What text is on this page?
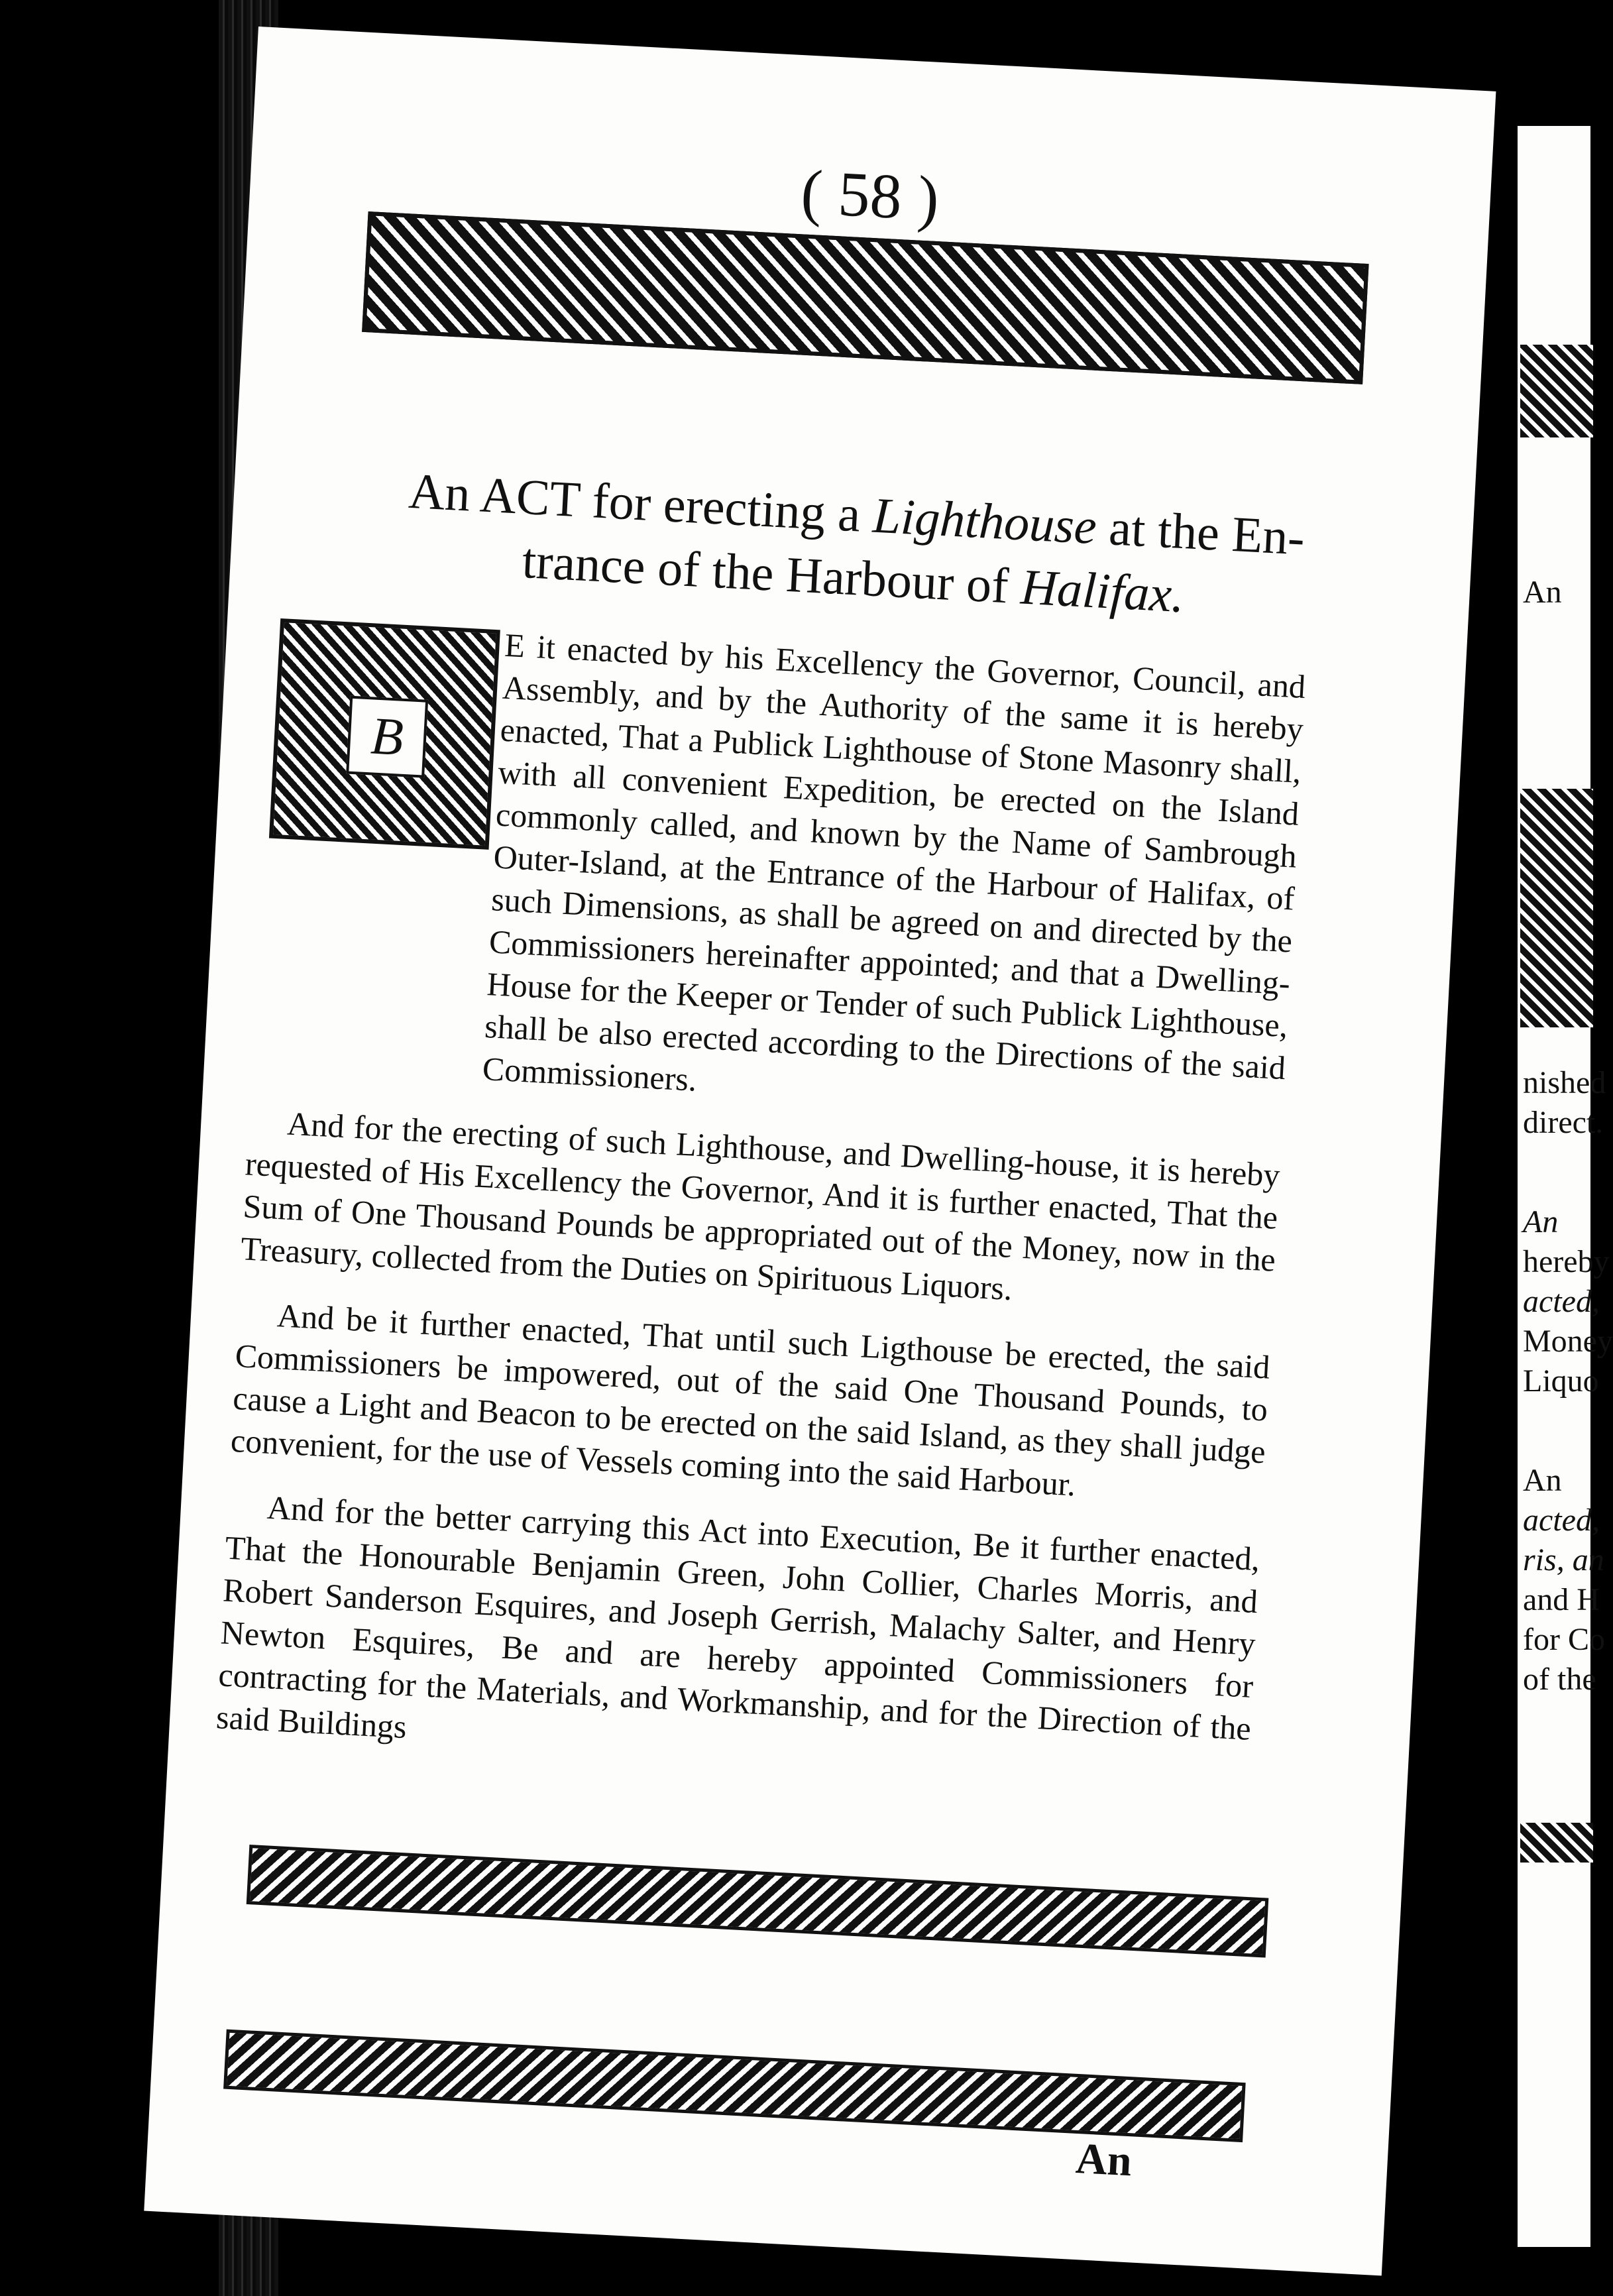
An
nished
direct.
An
hereby
acted,
Money
Liquo
An
acted,
ris, an
and H
for Co
of the
( 58 )
An ACT for erecting a Lighthouse at the En-
trance of the Harbour of Halifax.
B

E it enacted by his Excellency the Governor, Council, and Assembly, and by the Authority of the same it is hereby enacted, That a Publick Lighthouse of Stone Masonry shall, with all convenient Expedition, be erected on the Island commonly called, and known by the Name of Sambrough Outer-Island, at the Entrance of the Harbour of Halifax, of such Dimensions, as shall be agreed on and directed by the Commissioners hereinafter appointed; and that a Dwelling-House for the Keeper or Tender of such Publick Lighthouse, shall be also erected according to the Directions of the said Commissioners.

And for the erecting of such Lighthouse, and Dwelling-house, it is hereby requested of His Excellency the Governor, And it is further enacted, That the Sum of One Thousand Pounds be appropriated out of the Money, now in the Treasury, collected from the Duties on Spirituous Liquors.

And be it further enacted, That until such Ligthouse be erected, the said Commissioners be impowered, out of the said One Thousand Pounds, to cause a Light and Beacon to be erected on the said Island, as they shall judge convenient, for the use of Vessels coming into the said Harbour.

And for the better carrying this Act into Execution, Be it further enacted, That the Honourable Benjamin Green, John Collier, Charles Morris, and Robert Sanderson Esquires, and Joseph Gerrish, Malachy Salter, and Henry Newton Esquires, Be and are hereby appointed Commissioners for contracting for the Materials, and Workmanship, and for the Direction of the said Buildings

An
